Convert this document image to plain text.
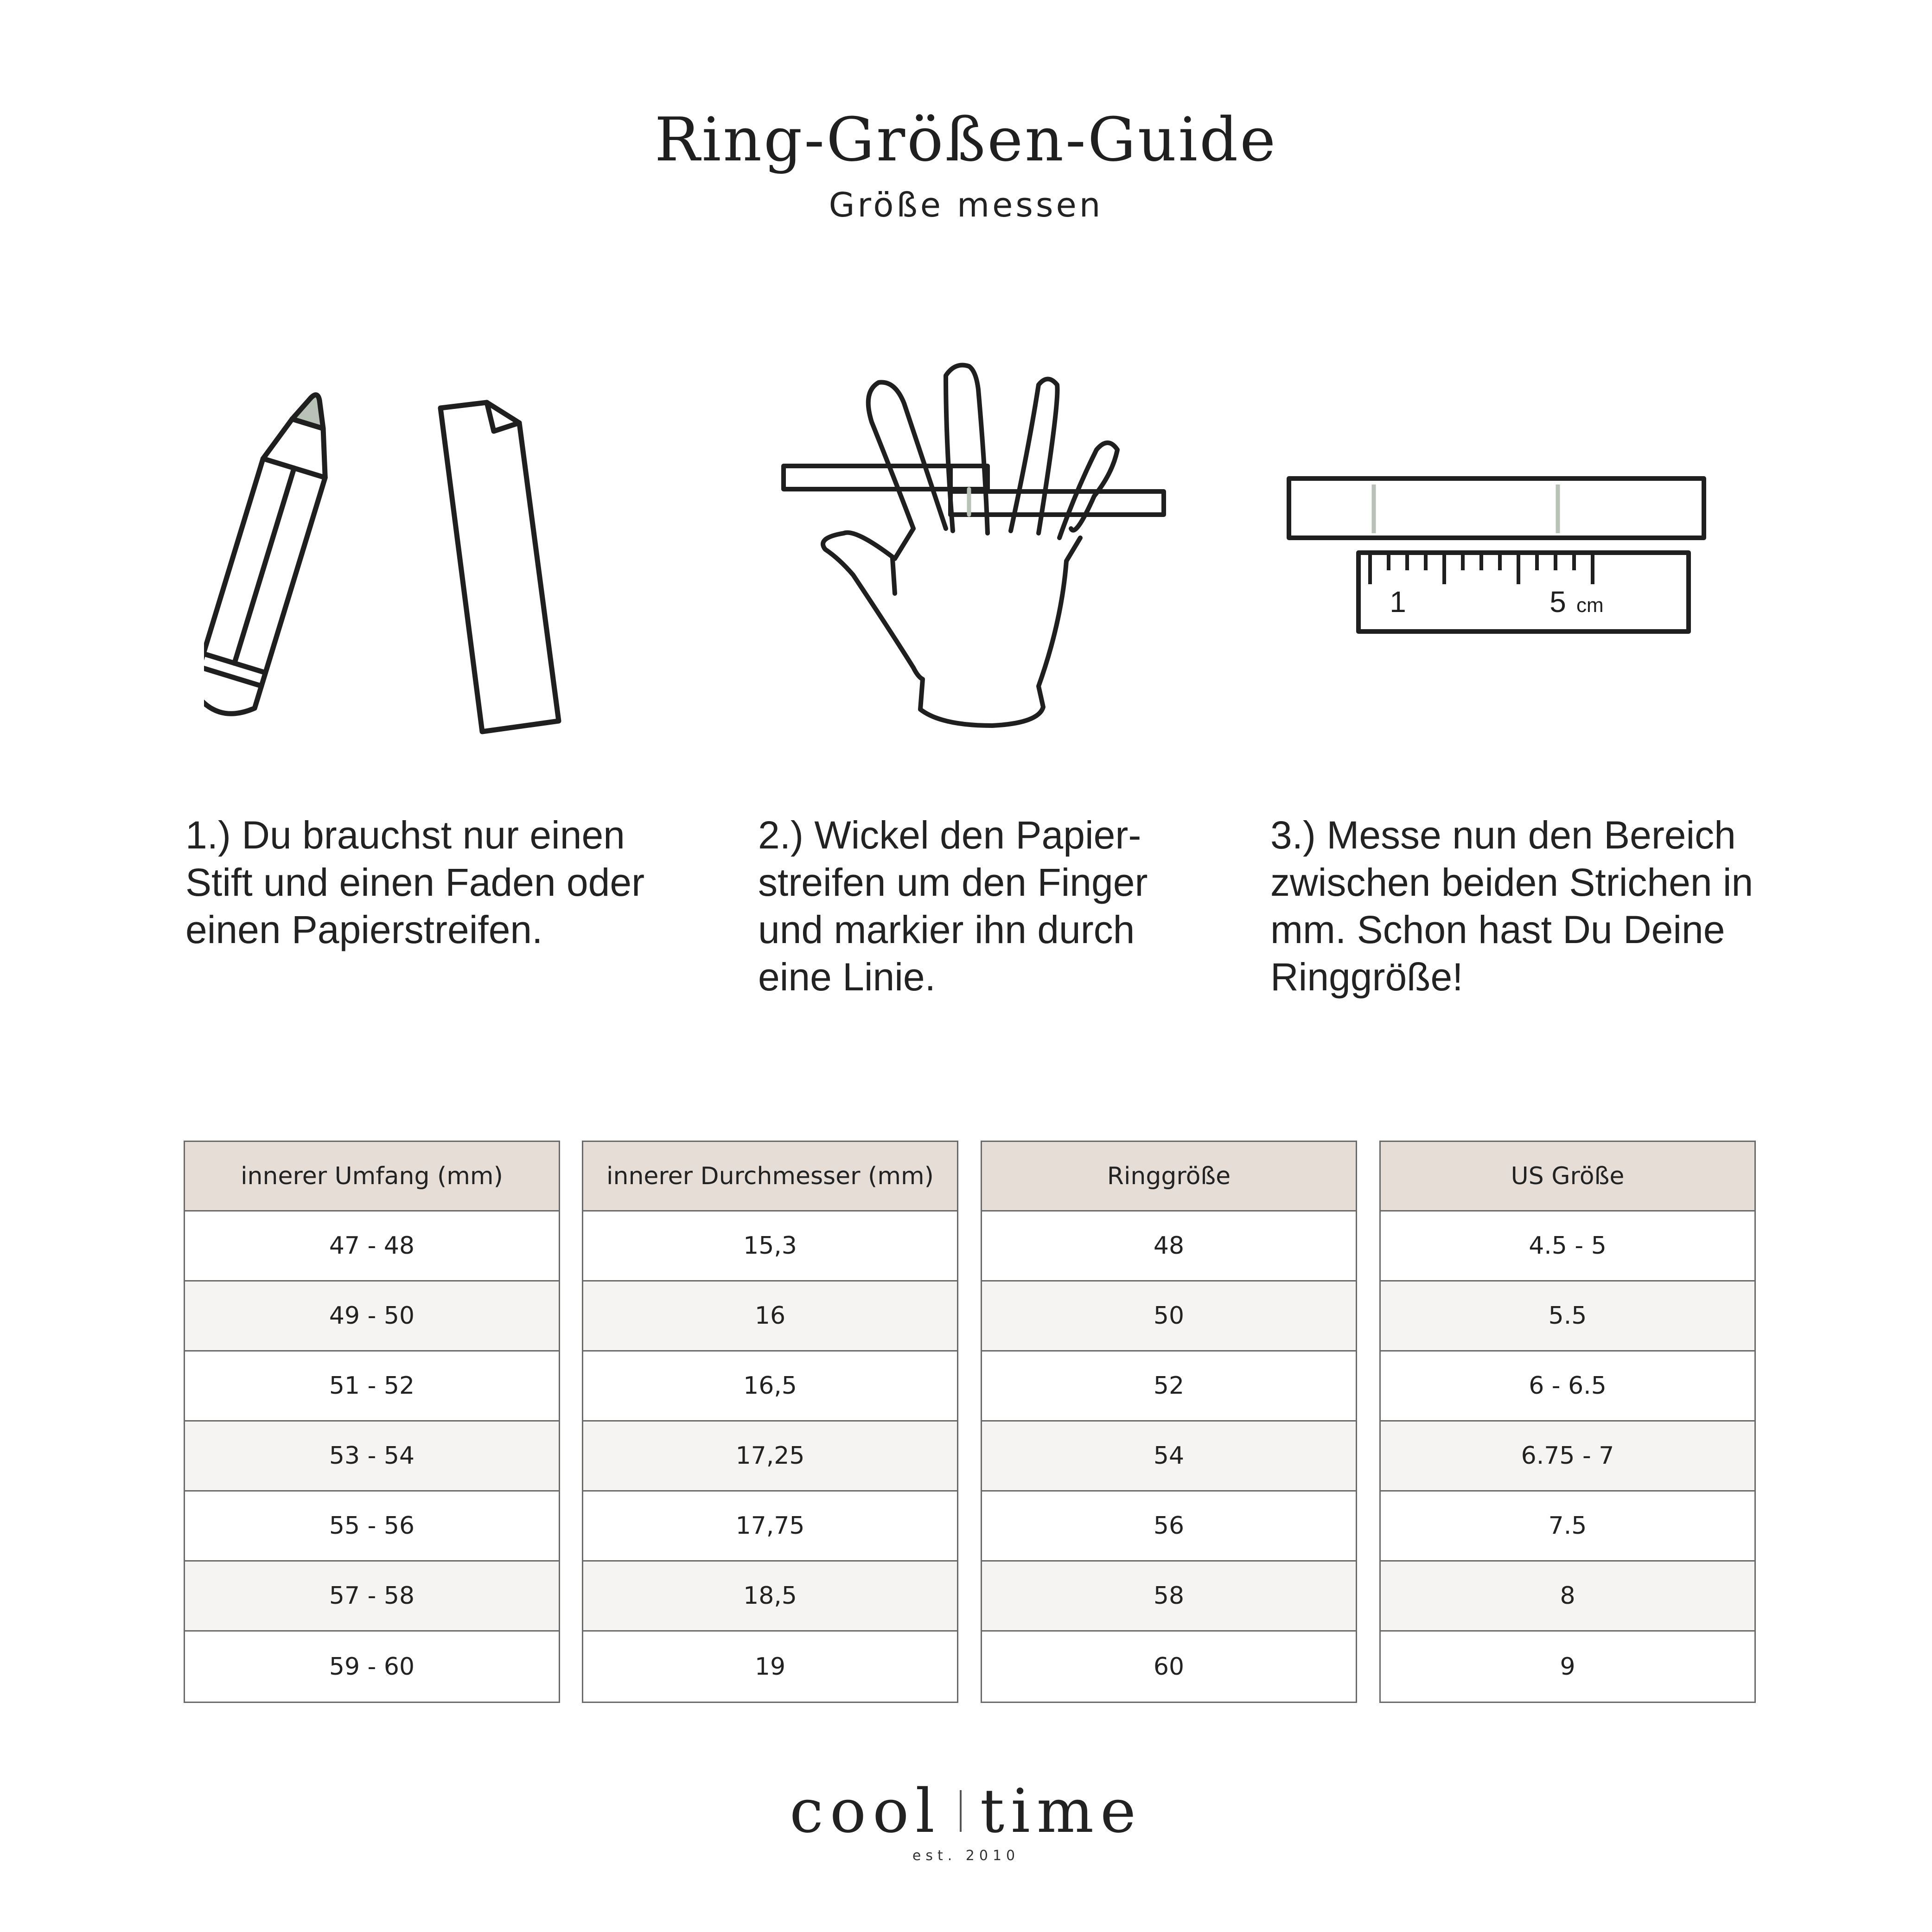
Ring-Größen-Guide
Größe messen
1	5 cm
1.) Du brauchst nur einen Stift und einen Faden oder einen Papierstreifen.
2.) Wickel den Papier-streifen um den Finger und markier ihn durch eine Linie.
3.) Messe nun den Bereich zwischen beiden Strichen in mm. Schon hast Du Deine Ringgröße!
innerer Umfang (mm)
47 - 48
49 - 50
51 - 52
53 - 54
55 - 56
57 - 58
59 - 60
innerer Durchmesser (mm)
15,3
16
16,5
17,25
17,75
18,5
19
Ringgröße
48
50
52
54
56
58
60
US Größe
4.5 - 5
5.5
6 - 6.5
6.75 - 7
7.5
8
9
cool time
est. 2010
